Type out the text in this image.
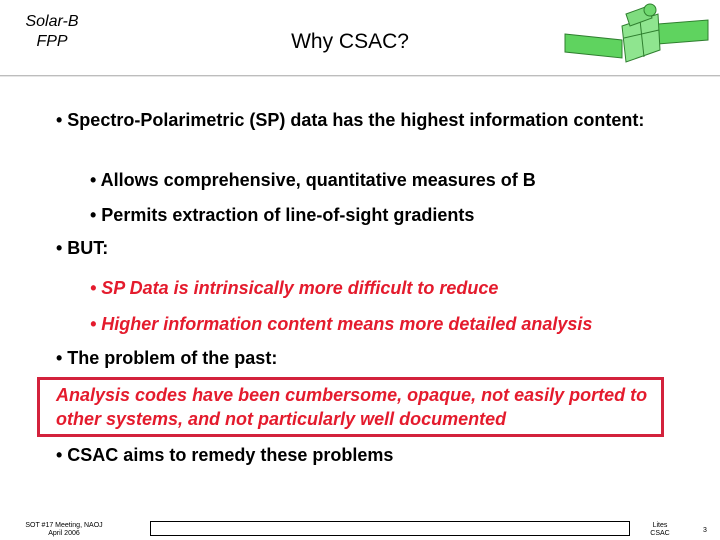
Solar-B
FPP	Why CSAC?
• Spectro-Polarimetric (SP) data has the highest information content:
• Allows comprehensive, quantitative measures of B
• Permits extraction of line-of-sight gradients
• BUT:
• SP Data is intrinsically more difficult to reduce
• Higher information content means more detailed analysis
• The problem of the past:
Analysis codes have been cumbersome, opaque, not easily ported to other systems, and not particularly well documented
• CSAC aims to remedy these problems
SOT #17 Meeting, NAOJ
April 2006
Lites
CSAC	3
